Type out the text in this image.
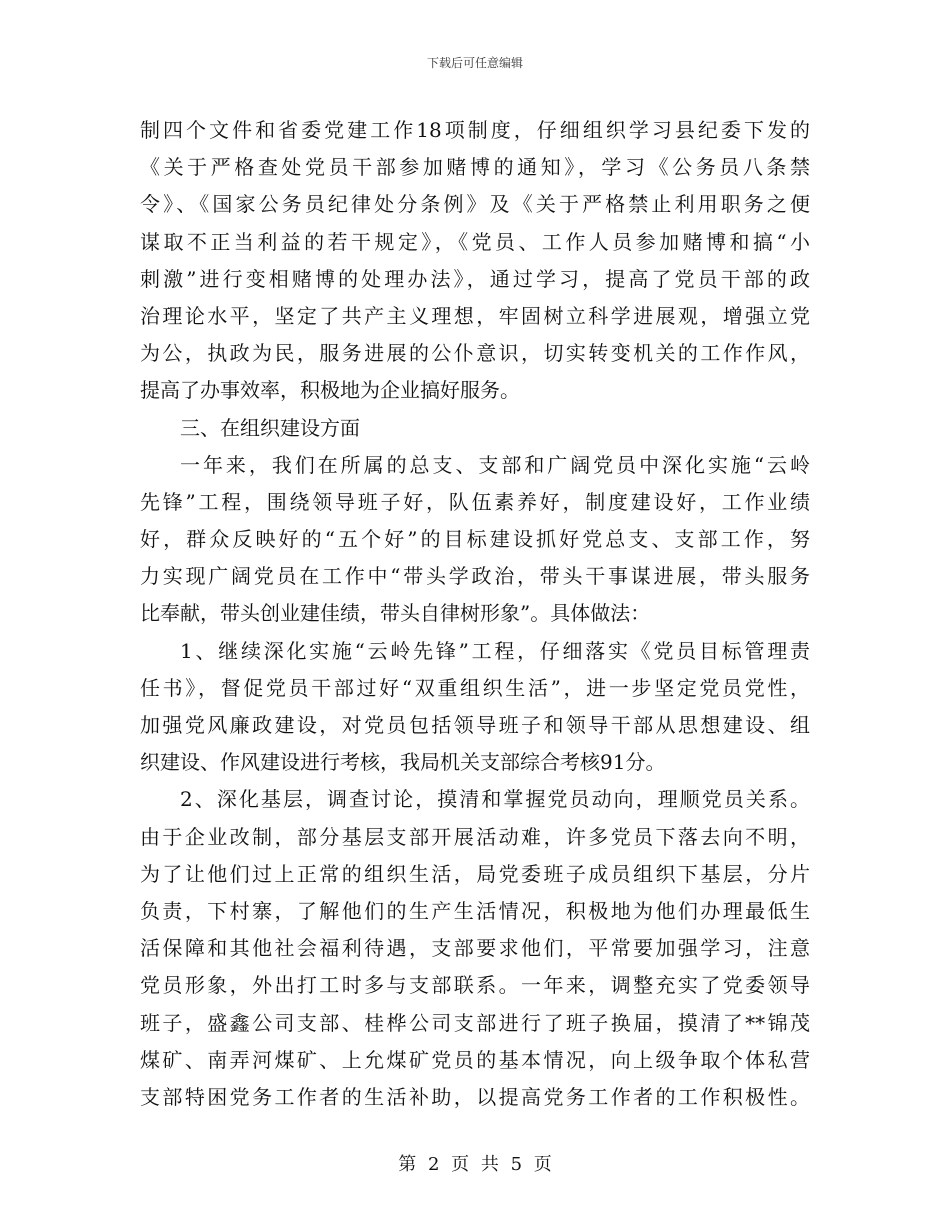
下载后可任意编辑
制四个文件和省委党建工作18项制度，仔细组织学习县纪委下发的
《关于严格查处党员干部参加赌博的通知》，学习《公务员八条禁
令》、《国家公务员纪律处分条例》及《关于严格禁止利用职务之便
谋取不正当利益的若干规定》，《党员、工作人员参加赌博和搞“小
刺激”进行变相赌博的处理办法》，通过学习，提高了党员干部的政
治理论水平，坚定了共产主义理想，牢固树立科学进展观，增强立党
为公，执政为民，服务进展的公仆意识，切实转变机关的工作作风，
提高了办事效率，积极地为企业搞好服务。
三、在组织建设方面
一年来，我们在所属的总支、支部和广阔党员中深化实施“云岭
先锋”工程，围绕领导班子好，队伍素养好，制度建设好，工作业绩
好，群众反映好的“五个好”的目标建设抓好党总支、支部工作，努
力实现广阔党员在工作中“带头学政治，带头干事谋进展，带头服务
比奉献，带头创业建佳绩，带头自律树形象”。具体做法：
1、继续深化实施“云岭先锋”工程，仔细落实《党员目标管理责
任书》，督促党员干部过好“双重组织生活”，进一步坚定党员党性，
加强党风廉政建设，对党员包括领导班子和领导干部从思想建设、组
织建设、作风建设进行考核，我局机关支部综合考核91分。
2、深化基层，调查讨论，摸清和掌握党员动向，理顺党员关系。
由于企业改制，部分基层支部开展活动难，许多党员下落去向不明，
为了让他们过上正常的组织生活，局党委班子成员组织下基层，分片
负责，下村寨，了解他们的生产生活情况，积极地为他们办理最低生
活保障和其他社会福利待遇，支部要求他们，平常要加强学习，注意
党员形象，外出打工时多与支部联系。一年来，调整充实了党委领导
班子，盛鑫公司支部、桂桦公司支部进行了班子换届，摸清了**锦茂
煤矿、南弄河煤矿、上允煤矿党员的基本情况，向上级争取个体私营
支部特困党务工作者的生活补助，以提高党务工作者的工作积极性。
第 2 页 共 5 页
